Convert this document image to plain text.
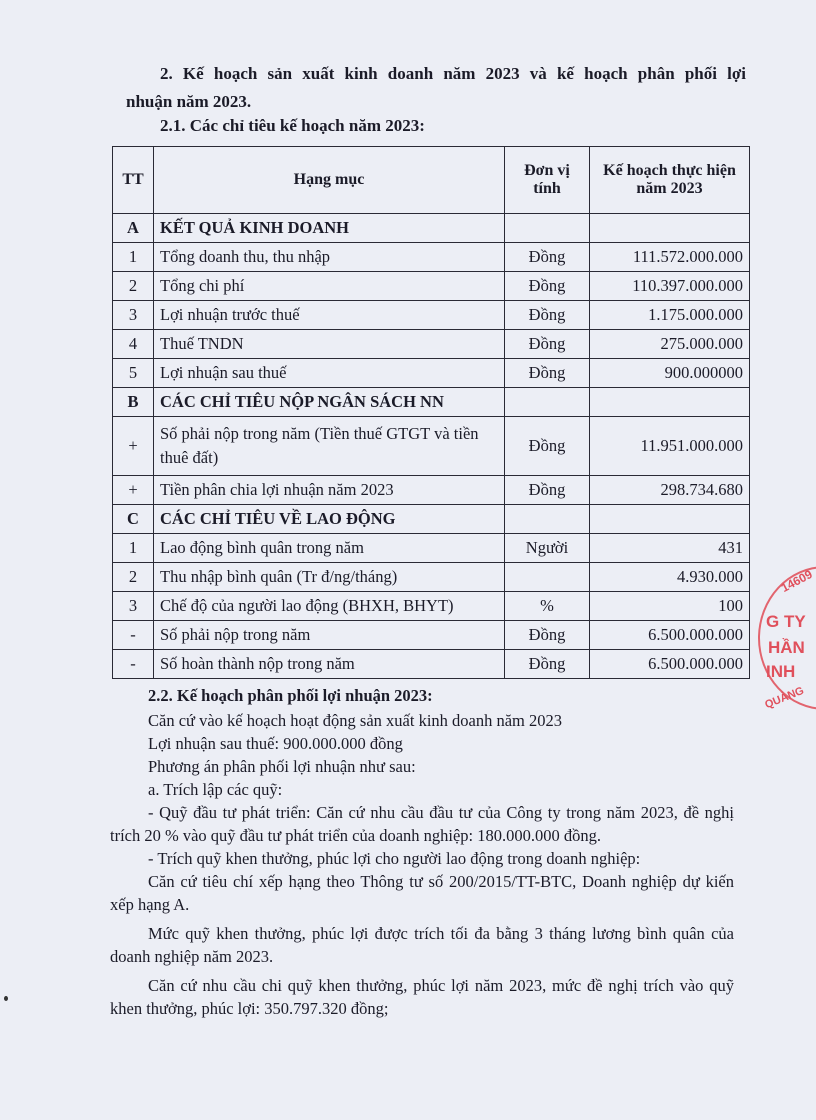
2. Kế hoạch sản xuất kinh doanh năm 2023 và kế hoạch phân phối lợi
nhuận năm 2023.
2.1. Các chỉ tiêu kế hoạch năm 2023:
TT	Hạng mục	Đơn vị tính	Kế hoạch thực hiện năm 2023
A	KẾT QUẢ KINH DOANH		
1	Tổng doanh thu, thu nhập	Đồng	111.572.000.000
2	Tổng chi phí	Đồng	110.397.000.000
3	Lợi nhuận trước thuế	Đồng	1.175.000.000
4	Thuế TNDN	Đồng	275.000.000
5	Lợi nhuận sau thuế	Đồng	900.000000
B	CÁC CHỈ TIÊU NỘP NGÂN SÁCH NN		
+	Số phải nộp trong năm (Tiền thuế GTGT và tiền thuê đất)	Đồng	11.951.000.000
+	Tiền phân chia lợi nhuận năm 2023	Đồng	298.734.680
C	CÁC CHỈ TIÊU VỀ LAO ĐỘNG		
1	Lao động bình quân trong năm	Người	431
2	Thu nhập bình quân (Tr đ/ng/tháng)		4.930.000
3	Chế độ của người lao động (BHXH, BHYT)	%	100
-	Số phải nộp trong năm	Đồng	6.500.000.000
-	Số hoàn thành nộp trong năm	Đồng	6.500.000.000

2.2. Kế hoạch phân phối lợi nhuận 2023:

Căn cứ vào kế hoạch hoạt động sản xuất kinh doanh năm 2023

Lợi nhuận sau thuế: 900.000.000 đồng

Phương án phân phối lợi nhuận như sau:

a. Trích lập các quỹ:

- Quỹ đầu tư phát triển: Căn cứ nhu cầu đầu tư của Công ty trong năm 2023, đề nghị trích 20 % vào quỹ đầu tư phát triển của doanh nghiệp: 180.000.000 đồng.

- Trích quỹ khen thưởng, phúc lợi cho người lao động trong doanh nghiệp:

Căn cứ tiêu chí xếp hạng theo Thông tư số 200/2015/TT-BTC, Doanh nghiệp dự kiến xếp hạng A.

Mức quỹ khen thưởng, phúc lợi được trích tối đa bằng 3 tháng lương bình quân của doanh nghiệp năm 2023.

Căn cứ nhu cầu chi quỹ khen thưởng, phúc lợi năm 2023, mức đề nghị trích vào quỹ khen thưởng, phúc lợi: 350.797.320 đồng;

14609
G TY
HẦN
INH
QUẢNG
